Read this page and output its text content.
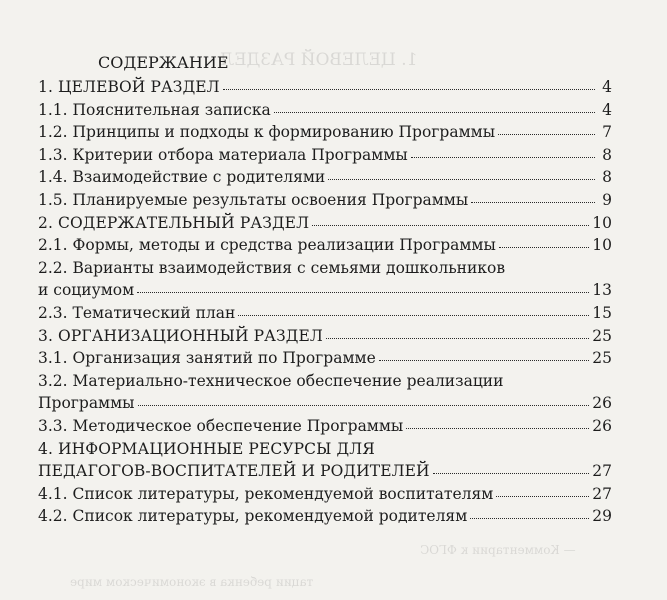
1. ЦЕЛЕВОЙ РАЗДЕЛ
— Комментарии к ФГОС
тации ребенка в экономическом мире
СОДЕРЖАНИЕ
1. ЦЕЛЕВОЙ РАЗДЕЛ	4
1.1. Пояснительная записка	4
1.2. Принципы и подходы к формированию Программы	7
1.3. Критерии отбора материала Программы	8
1.4. Взаимодействие с родителями	8
1.5. Планируемые результаты освоения Программы	9
2. СОДЕРЖАТЕЛЬНЫЙ РАЗДЕЛ	10
2.1. Формы, методы и средства реализации Программы	10
2.2. Варианты взаимодействия с семьями дошкольников
и социумом	13
2.3. Тематический план	15
3. ОРГАНИЗАЦИОННЫЙ РАЗДЕЛ	25
3.1. Организация занятий по Программе	25
3.2. Материально-техническое обеспечение реализации
Программы	26
3.3. Методическое обеспечение Программы	26
4. ИНФОРМАЦИОННЫЕ РЕСУРСЫ ДЛЯ
ПЕДАГОГОВ-ВОСПИТАТЕЛЕЙ И РОДИТЕЛЕЙ	27
4.1. Список литературы, рекомендуемой воспитателям	27
4.2. Список литературы, рекомендуемой родителям	29
